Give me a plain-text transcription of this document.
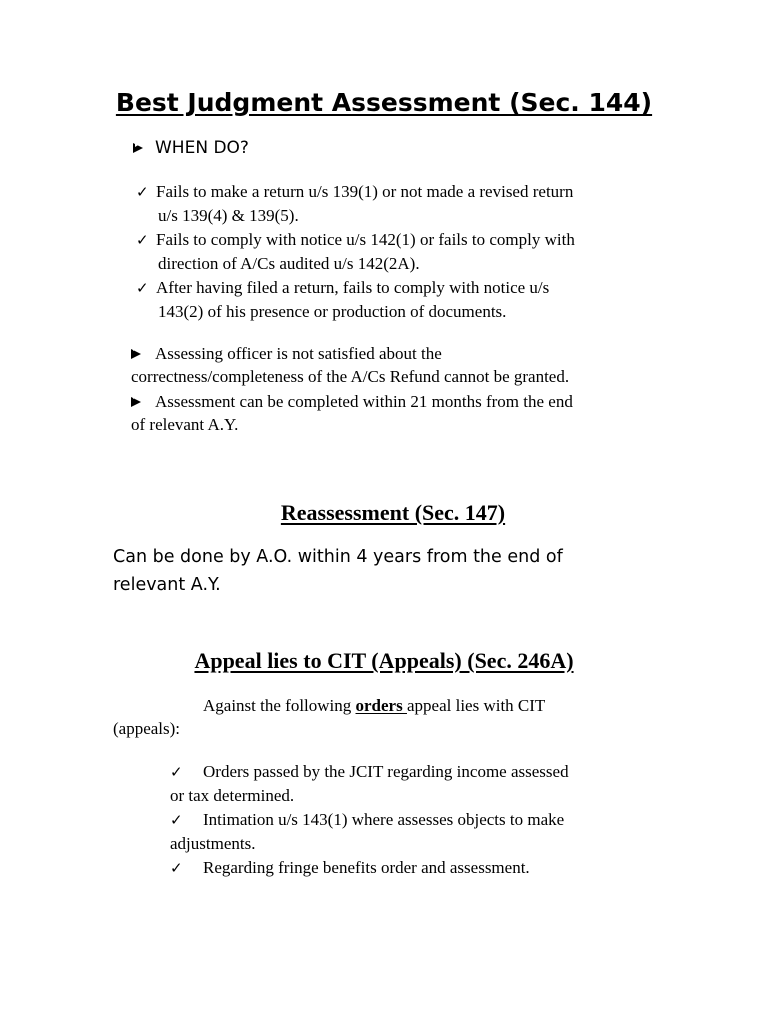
Best Judgment Assessment (Sec. 144)
WHEN DO?
✓ Fails to make a return u/s 139(1) or not made a revised return
u/s 139(4) & 139(5).
✓ Fails to comply with notice u/s 142(1) or fails to comply with
direction of A/Cs audited u/s 142(2A).
✓ After having filed a return, fails to comply with notice u/s
143(2) of his presence or production of documents.
Assessing officer is not satisfied about the
correctness/completeness of the A/Cs Refund cannot be granted.
Assessment can be completed within 21 months from the end
of relevant A.Y.
Reassessment (Sec. 147)
Can be done by A.O. within 4 years from the end of
relevant A.Y.
Appeal lies to CIT (Appeals) (Sec. 246A)
Against the following orders appeal lies with CIT
(appeals):
✓ Orders passed by the JCIT regarding income assessed
or tax determined.
✓ Intimation u/s 143(1) where assesses objects to make
adjustments.
✓ Regarding fringe benefits order and assessment.
